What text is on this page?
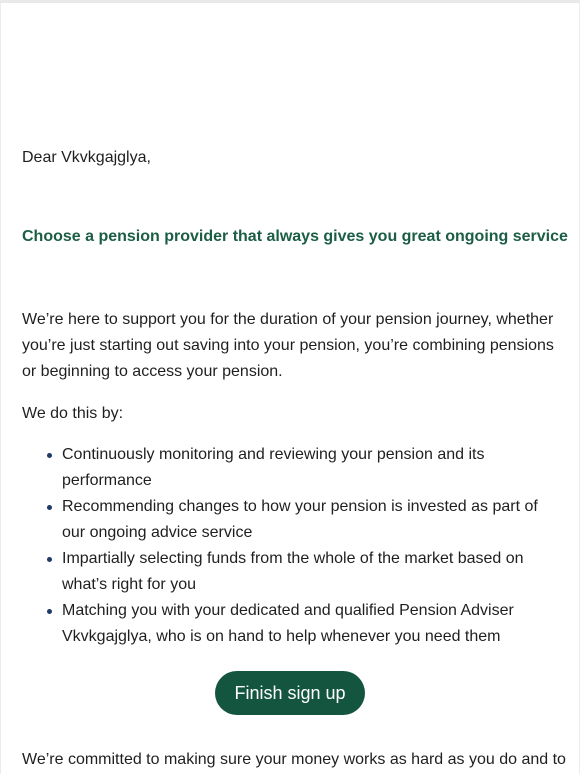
Dear Vkvkgajglya,

Choose a pension provider that always gives you great ongoing service

We’re here to support you for the duration of your pension journey, whether you’re just starting out saving into your pension, you’re combining pensions or beginning to access your pension.

We do this by:

Continuously monitoring and reviewing your pension and its performance
Recommending changes to how your pension is invested as part of our ongoing advice service
Impartially selecting funds from the whole of the market based on what’s right for you
Matching you with your dedicated and qualified Pension Adviser Vkvkgajglya, who is on hand to help whenever you need them
Finish sign up

We’re committed to making sure your money works as hard as you do and to
